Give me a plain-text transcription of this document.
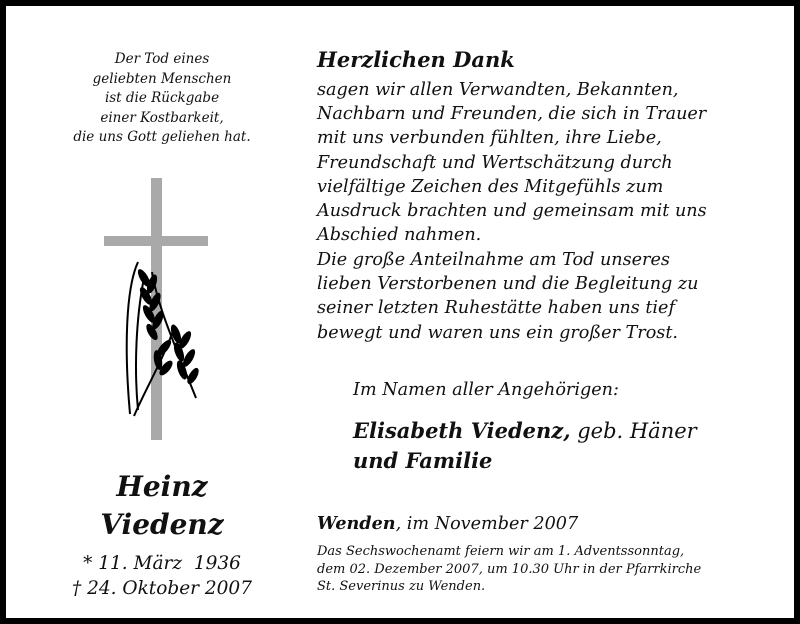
Der Tod eines
geliebten Menschen
ist die Rückgabe
einer Kostbarkeit,
die uns Gott geliehen hat.
Heinz
Viedenz
* 11. März  1936
† 24. Oktober 2007
Herzlichen Dank
sagen wir allen Verwandten, Bekannten,
Nachbarn und Freunden, die sich in Trauer
mit uns verbunden fühlten, ihre Liebe,
Freundschaft und Wertschätzung durch
vielfältige Zeichen des Mitgefühls zum
Ausdruck brachten und gemeinsam mit uns
Abschied nahmen.
Die große Anteilnahme am Tod unseres
lieben Verstorbenen und die Begleitung zu
seiner letzten Ruhestätte haben uns tief
bewegt und waren uns ein großer Trost.
Im Namen aller Angehörigen:
Elisabeth Viedenz, geb. Häner
und Familie
Wenden, im November 2007
Das Sechswochenamt feiern wir am 1. Adventssonntag,
dem 02. Dezember 2007, um 10.30 Uhr in der Pfarrkirche
St. Severinus zu Wenden.
